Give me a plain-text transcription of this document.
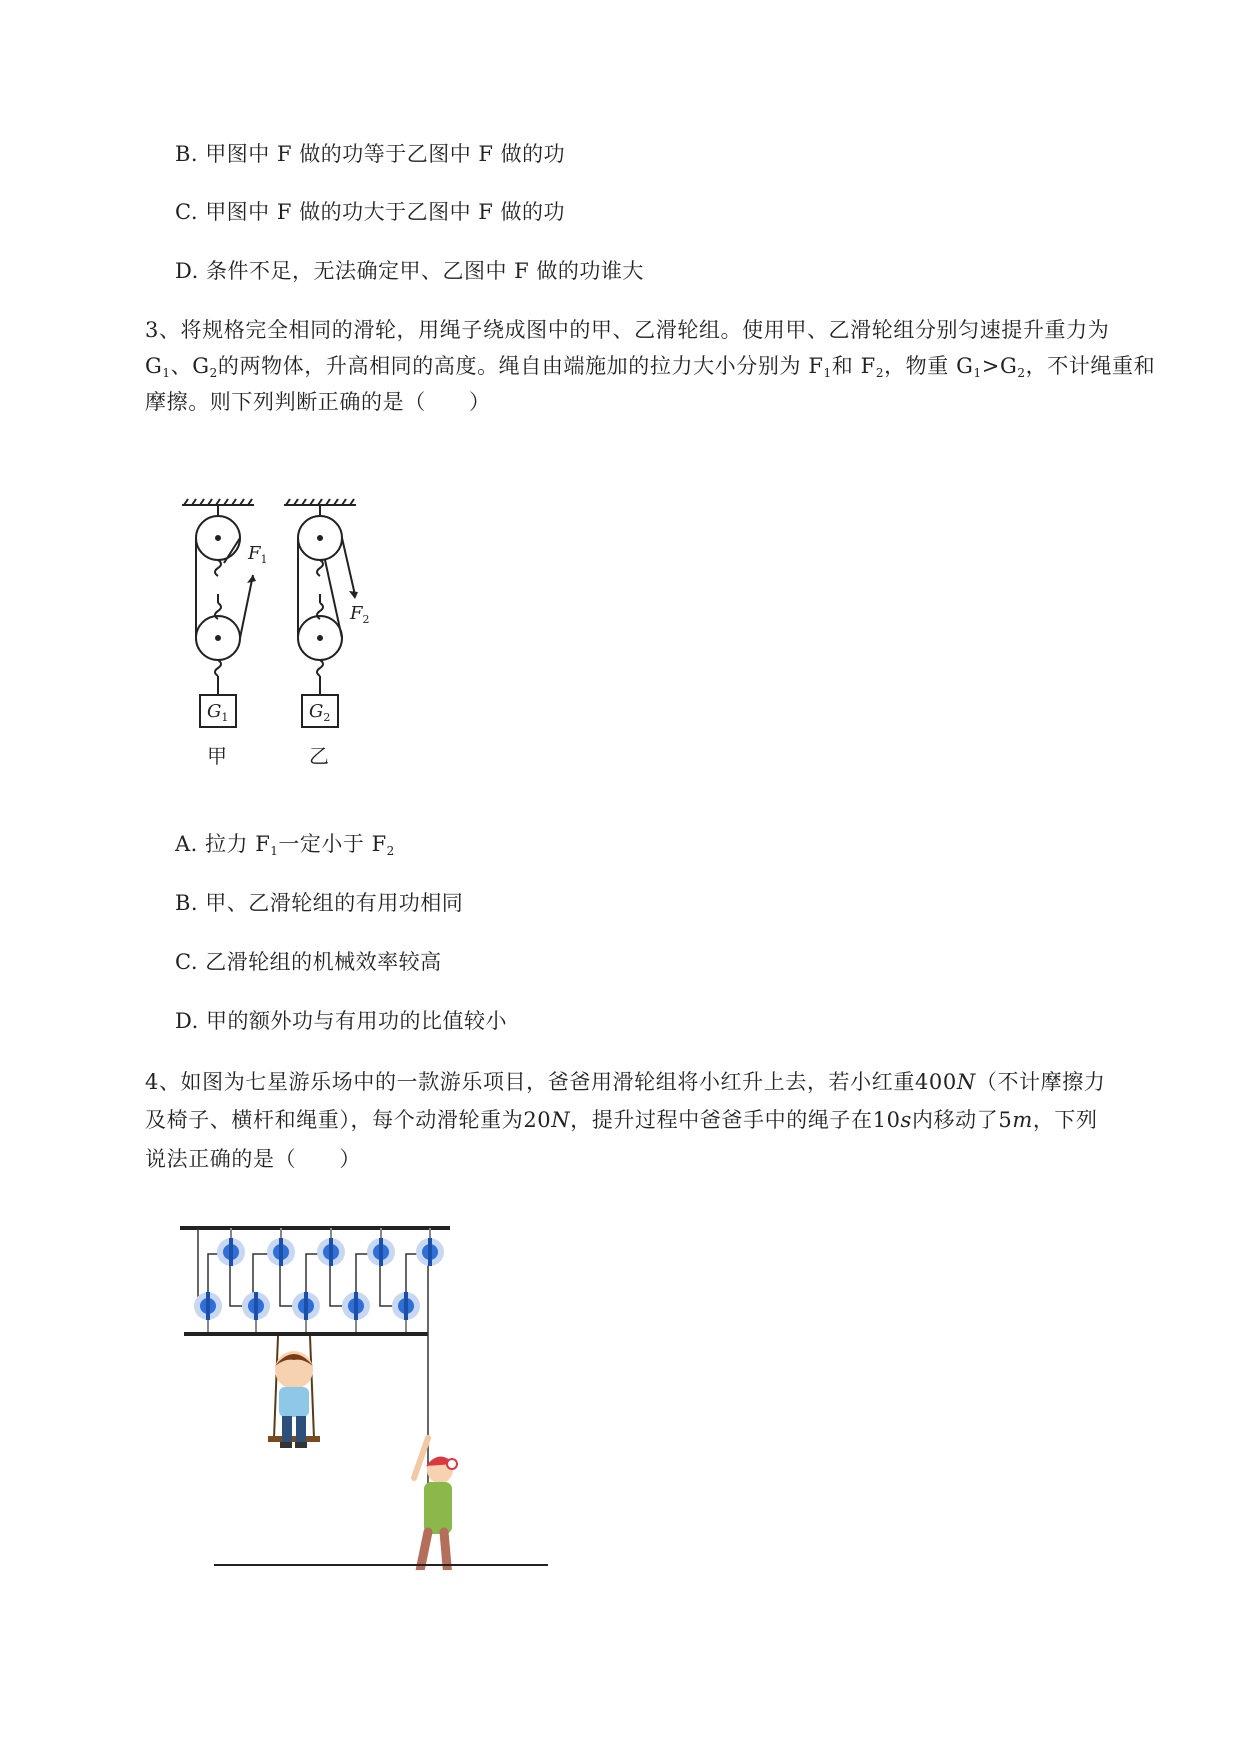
B. 甲图中 F 做的功等于乙图中 F 做的功
C. 甲图中 F 做的功大于乙图中 F 做的功
D. 条件不足，无法确定甲、乙图中 F 做的功谁大
3、将规格完全相同的滑轮，用绳子绕成图中的甲、乙滑轮组。使用甲、乙滑轮组分别匀速提升重力为
$G_1$、$G_2$的两物体，升高相同的高度。绳自由端施加的拉力大小分别为 $F_1$和 $F_2$，物重 $G_1>G_2$，不计绳重和
摩擦。则下列判断正确的是（　　）
$F_1$
$F_2$
$G_1$	$G_2$
甲	乙
A. 拉力 $F_1$一定小于 $F_2$
B. 甲、乙滑轮组的有用功相同
C. 乙滑轮组的机械效率较高
D. 甲的额外功与有用功的比值较小
4、如图为七星游乐场中的一款游乐项目，爸爸用滑轮组将小红升上去，若小红重400N（不计摩擦力
及椅子、横杆和绳重），每个动滑轮重为20N，提升过程中爸爸手中的绳子在10s内移动了5m，下列
说法正确的是（　　）
